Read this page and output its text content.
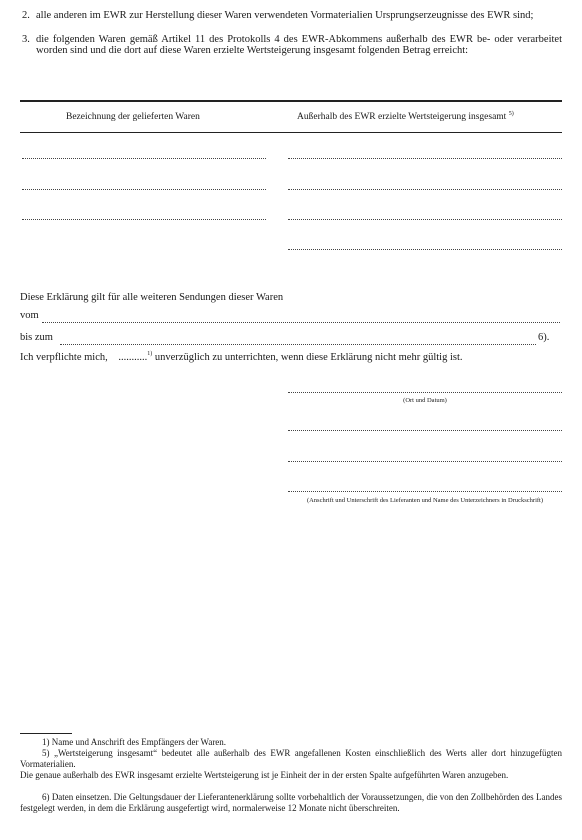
2. alle anderen im EWR zur Herstellung dieser Waren verwendeten Vormaterialien Ursprungserzeugnisse des EWR sind;
3. die folgenden Waren gemäß Artikel 11 des Protokolls 4 des EWR-Abkommens außerhalb des EWR be- oder verarbeitet worden sind und die dort auf diese Waren erzielte Wertsteigerung insgesamt folgenden Betrag erreicht:
Bezeichnung der gelieferten Waren	Außerhalb des EWR erzielte Wertsteigerung insgesamt $^{5)}$
Diese Erklärung gilt für alle weiteren Sendungen dieser Waren
vom
bis zum	6).
Ich verpflichte mich, ...........$^{1)}$ unverzüglich zu unterrichten, wenn diese Erklärung nicht mehr gültig ist.
(Ort und Datum)
(Anschrift und Unterschrift des Lieferanten und Name des Unterzeichners in Druckschrift)
1) Name und Anschrift des Empfängers der Waren.
5) „Wertsteigerung insgesamt“ bedeutet alle außerhalb des EWR angefallenen Kosten einschließlich des Werts aller dort hinzugefügten Vormaterialien.
Die genaue außerhalb des EWR insgesamt erzielte Wertsteigerung ist je Einheit der in der ersten Spalte aufgeführten Waren anzugeben.
6) Daten einsetzen. Die Geltungsdauer der Lieferantenerklärung sollte vorbehaltlich der Voraussetzungen, die von den Zollbehörden des Landes festgelegt werden, in dem die Erklärung ausgefertigt wird, normalerweise 12 Monate nicht überschreiten.
